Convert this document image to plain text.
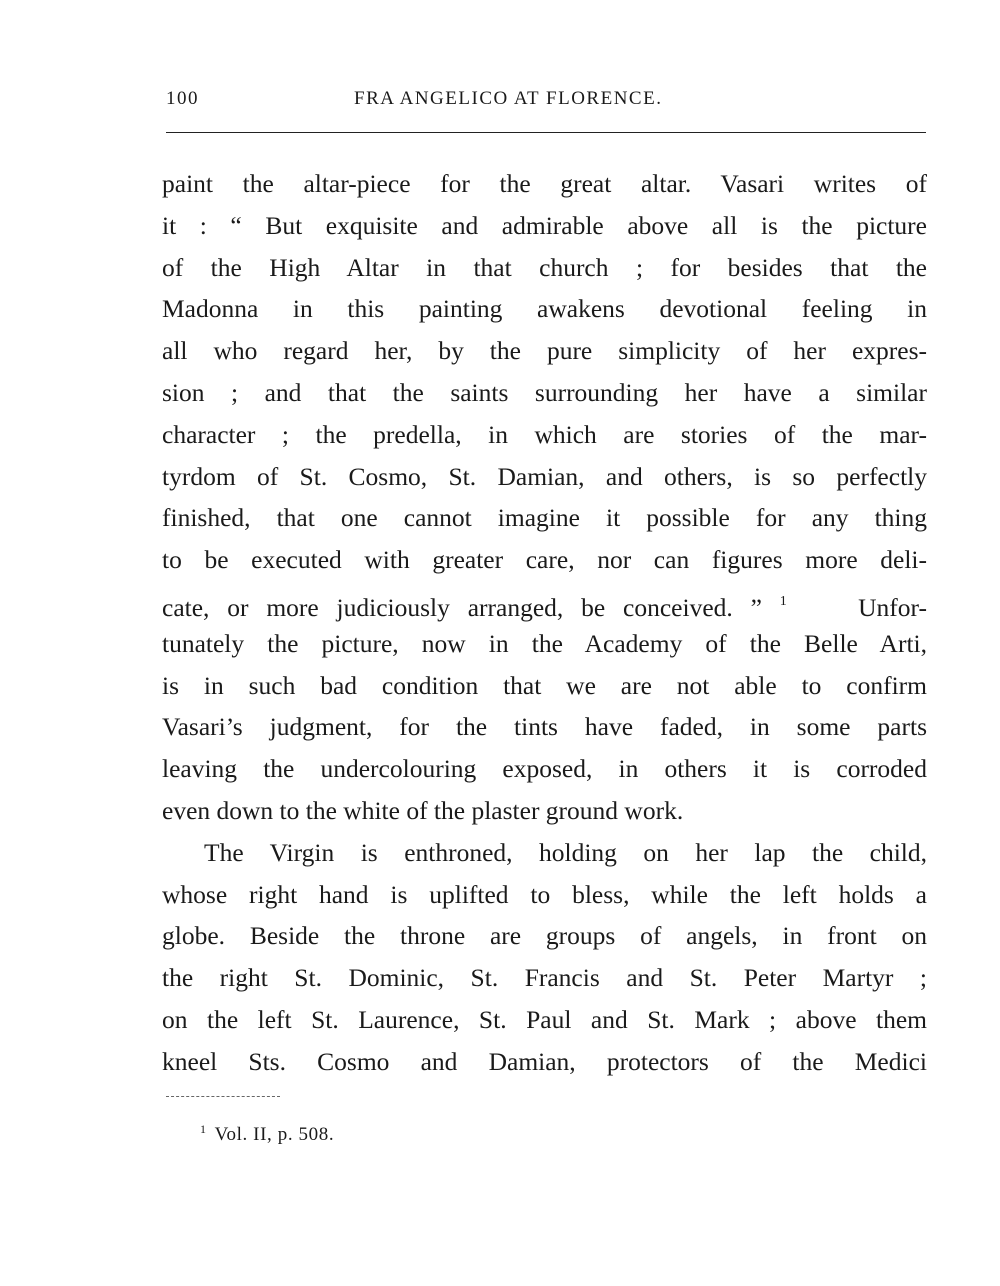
100	FRA ANGELICO AT FLORENCE.
paint the altar-piece for the great altar. Vasari writes of
it : “ But exquisite and admirable above all is the picture
of the High Altar in that church ; for besides that the
Madonna in this painting awakens devotional feeling in
all who regard her, by the pure simplicity of her expres-
sion ; and that the saints surrounding her have a similar
character ; the predella, in which are stories of the mar-
tyrdom of St. Cosmo, St. Damian, and others, is so perfectly
finished, that one cannot imagine it possible for any thing
to be executed with greater care, nor can figures more deli-
cate, or more judiciously arranged, be conceived. ” $^1$	Unfor-
tunately the picture, now in the Academy of the Belle Arti,
is in such bad condition that we are not able to confirm
Vasari’s judgment, for the tints have faded, in some parts
leaving the undercolouring exposed, in others it is corroded
even down to the white of the plaster ground work.
The Virgin is enthroned, holding on her lap the child,
whose right hand is uplifted to bless, while the left holds a
globe. Beside the throne are groups of angels, in front on
the right St. Dominic, St. Francis and St. Peter Martyr ;
on the left St. Laurence, St. Paul and St. Mark ; above them
kneel Sts. Cosmo and Damian, protectors of the Medici
$^1$ Vol. II, p. 508.
